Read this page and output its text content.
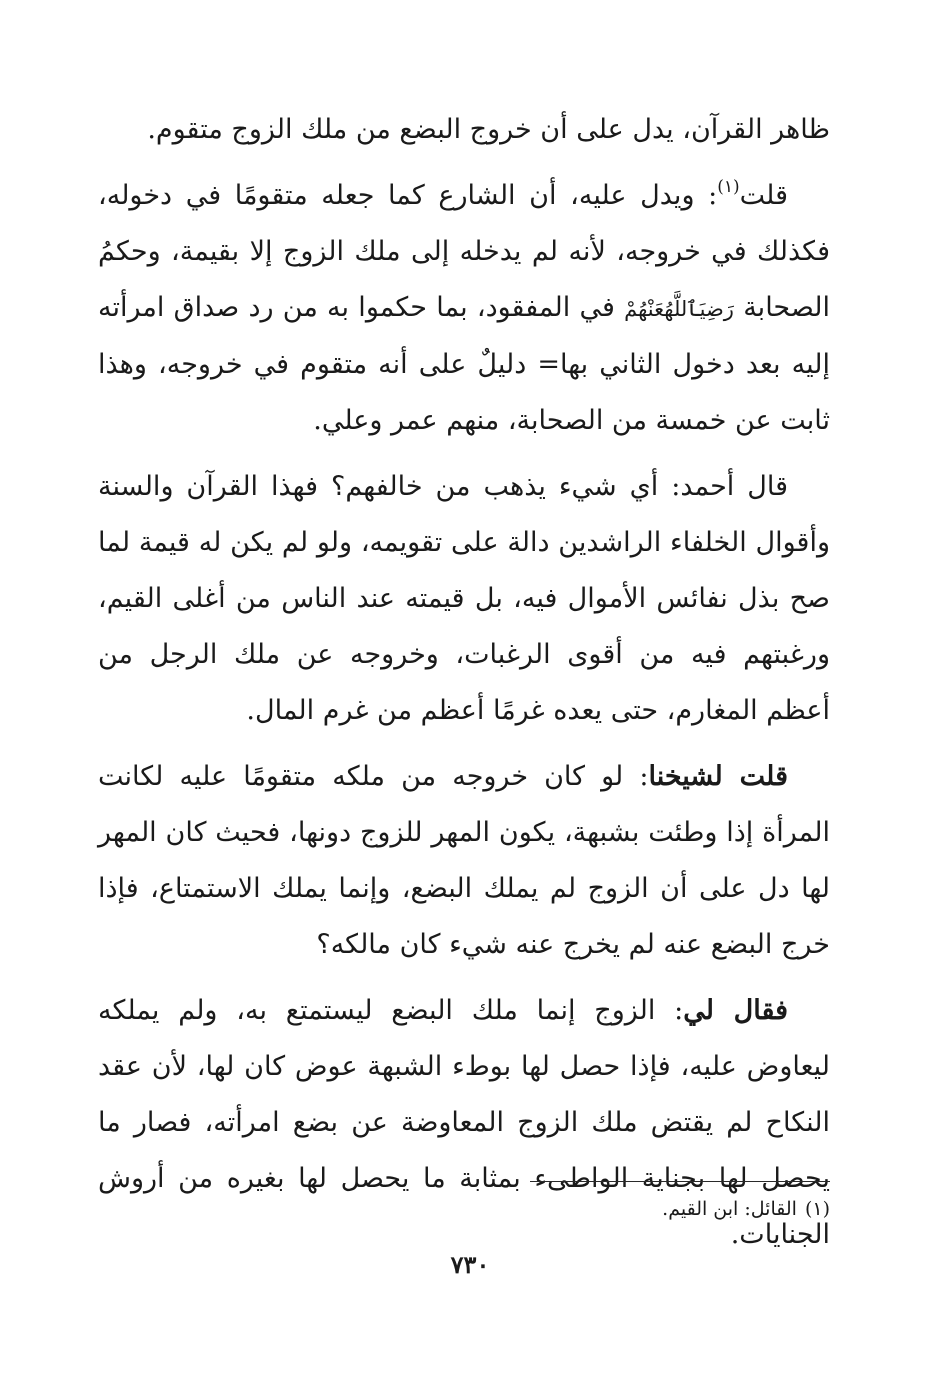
ظاهر القرآن، يدل على أن خروج البضع من ملك الزوج متقوم.

قلت$^{(١)}$: ويدل عليه، أن الشارع كما جعله متقومًا في دخوله، فكذلك في خروجه، لأنه لم يدخله إلى ملك الزوج إلا بقيمة، وحكمُ الصحابة رَضِيَٱللَّهُعَنْهُمْ في المفقود، بما حكموا به من رد صداق امرأته إليه بعد دخول الثاني بها= دليلٌ على أنه متقوم في خروجه، وهذا ثابت عن خمسة من الصحابة، منهم عمر وعلي.

قال أحمد: أي شيء يذهب من خالفهم؟ فهذا القرآن والسنة وأقوال الخلفاء الراشدين دالة على تقويمه، ولو لم يكن له قيمة لما صح بذل نفائس الأموال فيه، بل قيمته عند الناس من أغلى القيم، ورغبتهم فيه من أقوى الرغبات، وخروجه عن ملك الرجل من أعظم المغارم، حتى يعده غرمًا أعظم من غرم المال.

قلت لشيخنا: لو كان خروجه من ملكه متقومًا عليه لكانت المرأة إذا وطئت بشبهة، يكون المهر للزوج دونها، فحيث كان المهر لها دل على أن الزوج لم يملك البضع، وإنما يملك الاستمتاع، فإذا خرج البضع عنه لم يخرج عنه شيء كان مالكه؟

فقال لي: الزوج إنما ملك البضع ليستمتع به، ولم يملكه ليعاوض عليه، فإذا حصل لها بوطء الشبهة عوض كان لها، لأن عقد النكاح لم يقتض ملك الزوج المعاوضة عن بضع امرأته، فصار ما يحصل لها بجناية الواطىء بمثابة ما يحصل لها بغيره من أروش الجنايات.

(١)القائل: ابن القيم.
٧٣٠
